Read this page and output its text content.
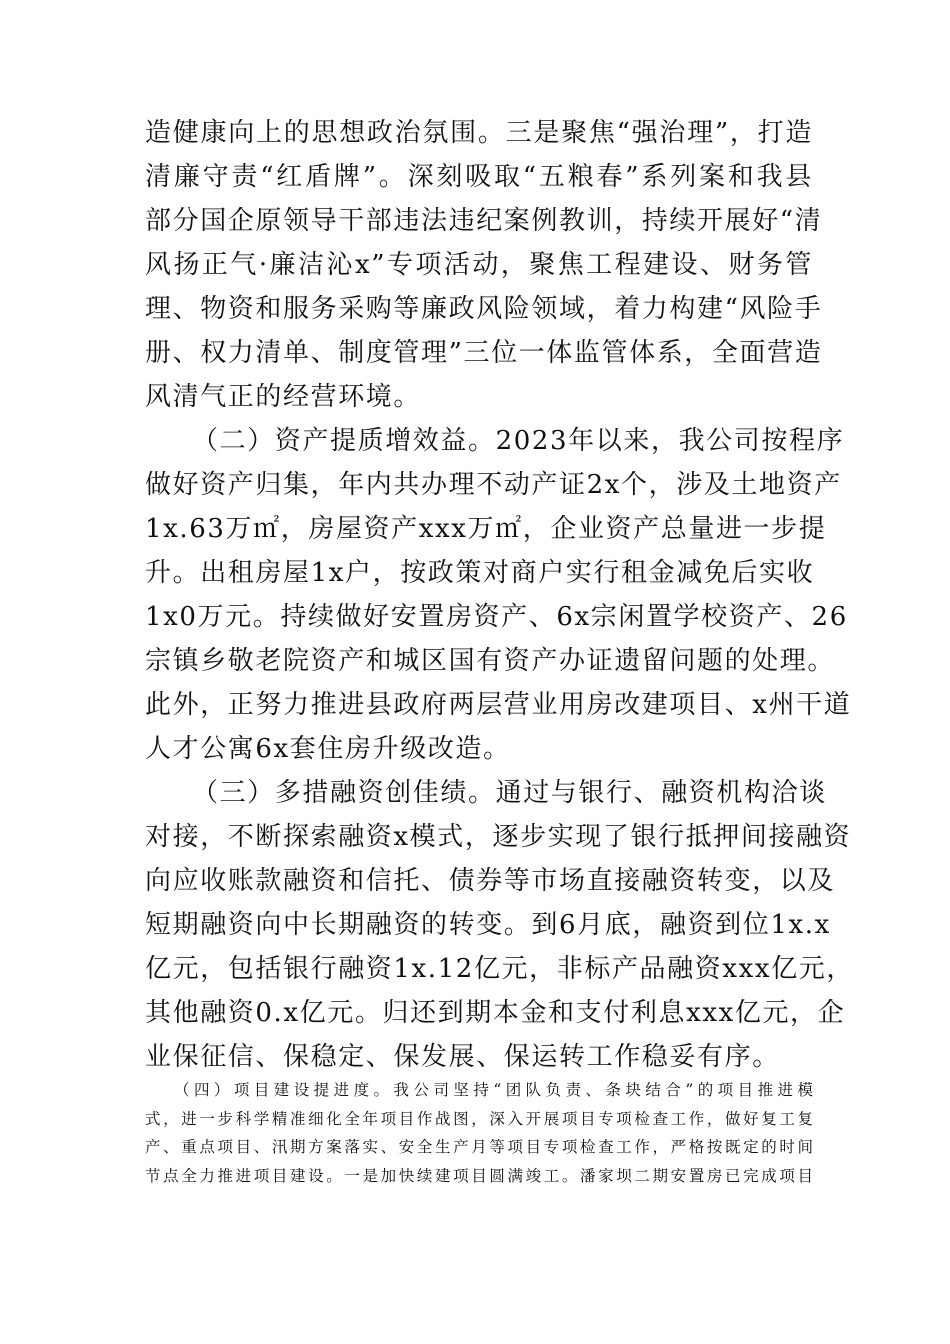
造健康向上的思想政治氛围。三是聚焦“强治理”，打造
清廉守责“红盾牌”。深刻吸取“五粮春”系列案和我县
部分国企原领导干部违法违纪案例教训，持续开展好“清
风扬正气·廉洁沁x”专项活动，聚焦工程建设、财务管
理、物资和服务采购等廉政风险领域，着力构建“风险手
册、权力清单、制度管理”三位一体监管体系，全面营造
风清气正的经营环境。
（二）资产提质增效益。2023年以来，我公司按程序
做好资产归集，年内共办理不动产证2x个，涉及土地资产
1x.63万㎡，房屋资产xxx万㎡，企业资产总量进一步提
升。出租房屋1x户，按政策对商户实行租金减免后实收
1x0万元。持续做好安置房资产、6x宗闲置学校资产、26
宗镇乡敬老院资产和城区国有资产办证遗留问题的处理。
此外，正努力推进县政府两层营业用房改建项目、x州干道
人才公寓6x套住房升级改造。
（三）多措融资创佳绩。通过与银行、融资机构洽谈
对接，不断探索融资x模式，逐步实现了银行抵押间接融资
向应收账款融资和信托、债券等市场直接融资转变，以及
短期融资向中长期融资的转变。到6月底，融资到位1x.x
亿元，包括银行融资1x.12亿元，非标产品融资xxx亿元，
其他融资0.x亿元。归还到期本金和支付利息xxx亿元，企
业保征信、保稳定、保发展、保运转工作稳妥有序。
（四）项目建设提进度。我公司坚持“团队负责、条块结合”的项目推进模
式，进一步科学精准细化全年项目作战图，深入开展项目专项检查工作，做好复工复
产、重点项目、汛期方案落实、安全生产月等项目专项检查工作，严格按既定的时间
节点全力推进项目建设。一是加快续建项目圆满竣工。潘家坝二期安置房已完成项目
